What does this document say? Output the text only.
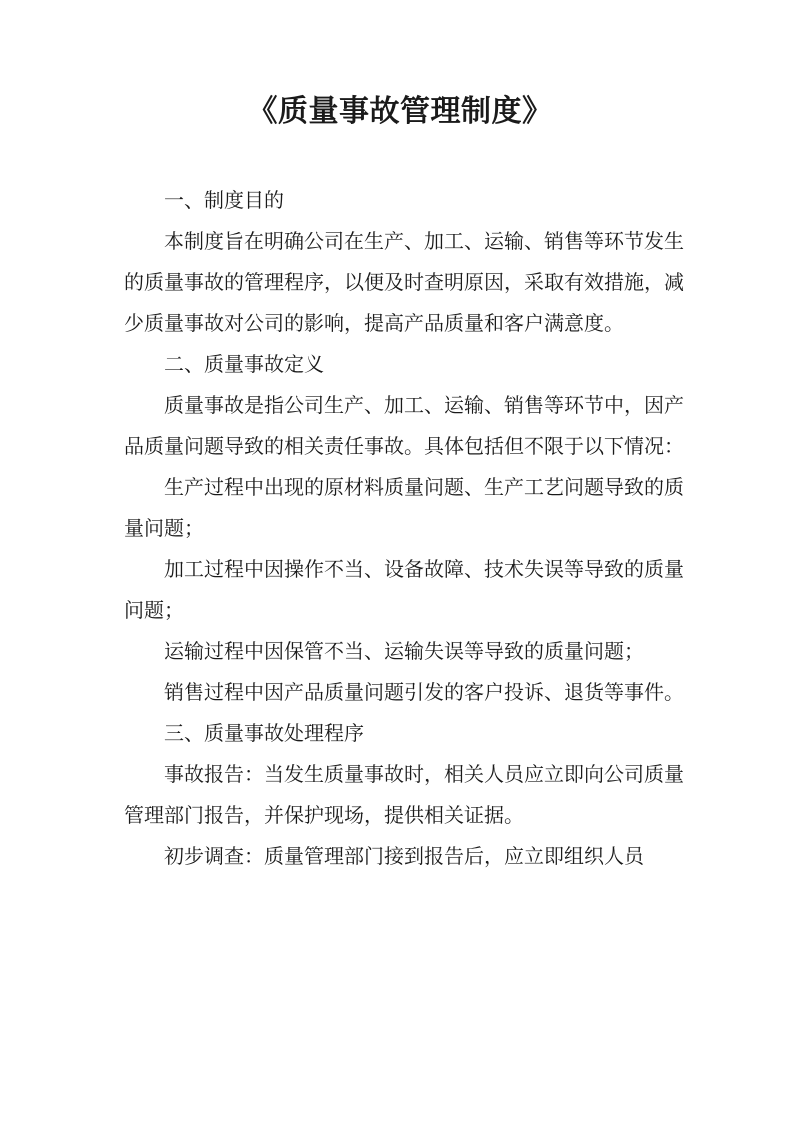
《质量事故管理制度》

一、制度目的

本制度旨在明确公司在生产、加工、运输、销售等环节发生的质量事故的管理程序，以便及时查明原因，采取有效措施，减少质量事故对公司的影响，提高产品质量和客户满意度。

二、质量事故定义

质量事故是指公司生产、加工、运输、销售等环节中，因产品质量问题导致的相关责任事故。具体包括但不限于以下情况：

生产过程中出现的原材料质量问题、生产工艺问题导致的质量问题；

加工过程中因操作不当、设备故障、技术失误等导致的质量问题；

运输过程中因保管不当、运输失误等导致的质量问题；

销售过程中因产品质量问题引发的客户投诉、退货等事件。

三、质量事故处理程序

事故报告：当发生质量事故时，相关人员应立即向公司质量管理部门报告，并保护现场，提供相关证据。

初步调查：质量管理部门接到报告后，应立即组织人员
